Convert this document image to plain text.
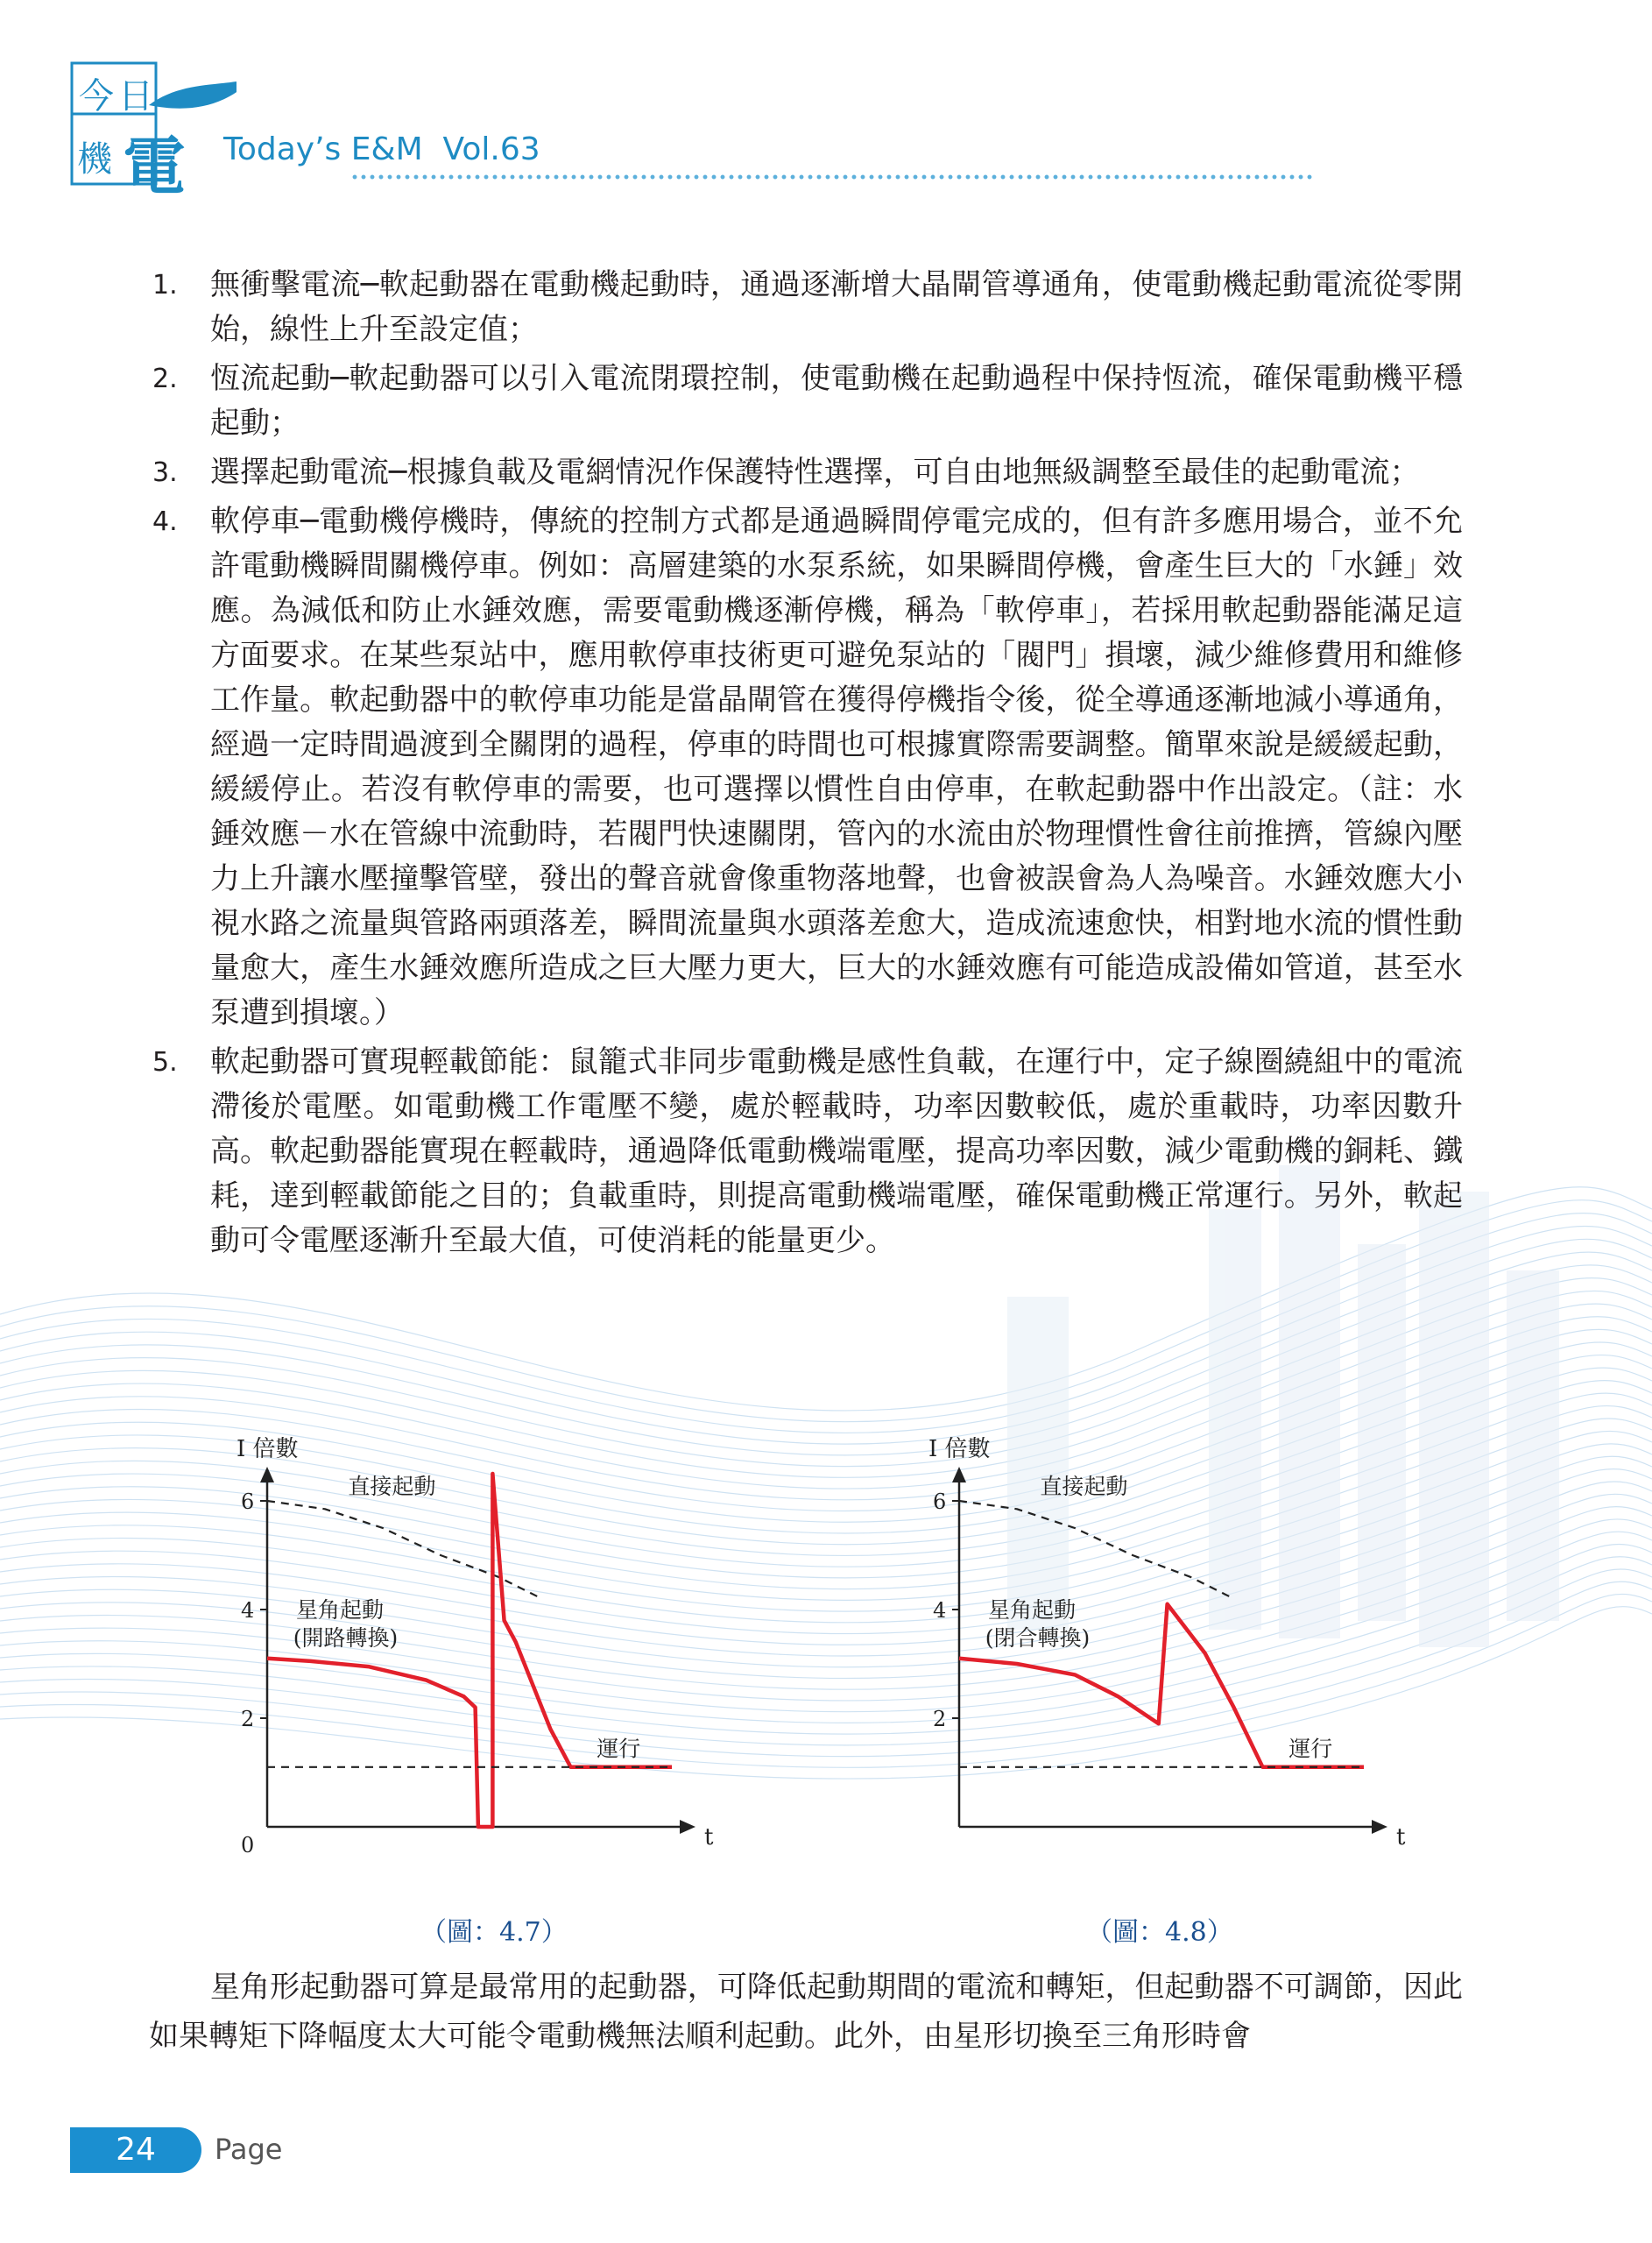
今 日
機 電 Today’s E&M Vol.63
1. 無衝擊電流─軟起動器在電動機起動時，通過逐漸增大晶閘管導通角，使電動機起動電流從零開始，線性上升至設定值；
2. 恆流起動─軟起動器可以引入電流閉環控制，使電動機在起動過程中保持恆流，確保電動機平穩起動；
3. 選擇起動電流─根據負載及電網情況作保護特性選擇，可自由地無級調整至最佳的起動電流；
4. 軟停車─電動機停機時，傳統的控制方式都是通過瞬間停電完成的，但有許多應用場合，並不允許電動機瞬間關機停車。例如：高層建築的水泵系統，如果瞬間停機，會產生巨大的「水錘」效應。為減低和防止水錘效應，需要電動機逐漸停機，稱為「軟停車」，若採用軟起動器能滿足這方面要求。在某些泵站中，應用軟停車技術更可避免泵站的「閥門」損壞，減少維修費用和維修工作量。軟起動器中的軟停車功能是當晶閘管在獲得停機指令後，從全導通逐漸地減小導通角，經過一定時間過渡到全關閉的過程，停車的時間也可根據實際需要調整。簡單來說是緩緩起動，緩緩停止。若沒有軟停車的需要，也可選擇以慣性自由停車，在軟起動器中作出設定。（註：水錘效應－水在管線中流動時，若閥門快速關閉，管內的水流由於物理慣性會往前推擠，管線內壓力上升讓水壓撞擊管壁，發出的聲音就會像重物落地聲，也會被誤會為人為噪音。水錘效應大小視水路之流量與管路兩頭落差，瞬間流量與水頭落差愈大，造成流速愈快，相對地水流的慣性動量愈大，產生水錘效應所造成之巨大壓力更大，巨大的水錘效應有可能造成設備如管道，甚至水泵遭到損壞。）
5. 軟起動器可實現輕載節能：鼠籠式非同步電動機是感性負載，在運行中，定子線圈繞組中的電流滯後於電壓。如電動機工作電壓不變，處於輕載時，功率因數較低，處於重載時，功率因數升高。軟起動器能實現在輕載時，通過降低電動機端電壓，提高功率因數，減少電動機的銅耗、鐵耗，達到輕載節能之目的；負載重時，則提高電動機端電壓，確保電動機正常運行。另外，軟起動可令電壓逐漸升至最大值，可使消耗的能量更少。
I 倍數
t
0
2
4
6
直接起動
星角起動
(開路轉換)
運行
（圖：4.7）
I 倍數
t
2
4
6
直接起動
星角起動
(閉合轉換)
運行
（圖：4.8）
星角形起動器可算是最常用的起動器，可降低起動期間的電流和轉矩，但起動器不可調節，因此如果轉矩下降幅度太大可能令電動機無法順利起動。此外，由星形切換至三角形時會
24	Page
